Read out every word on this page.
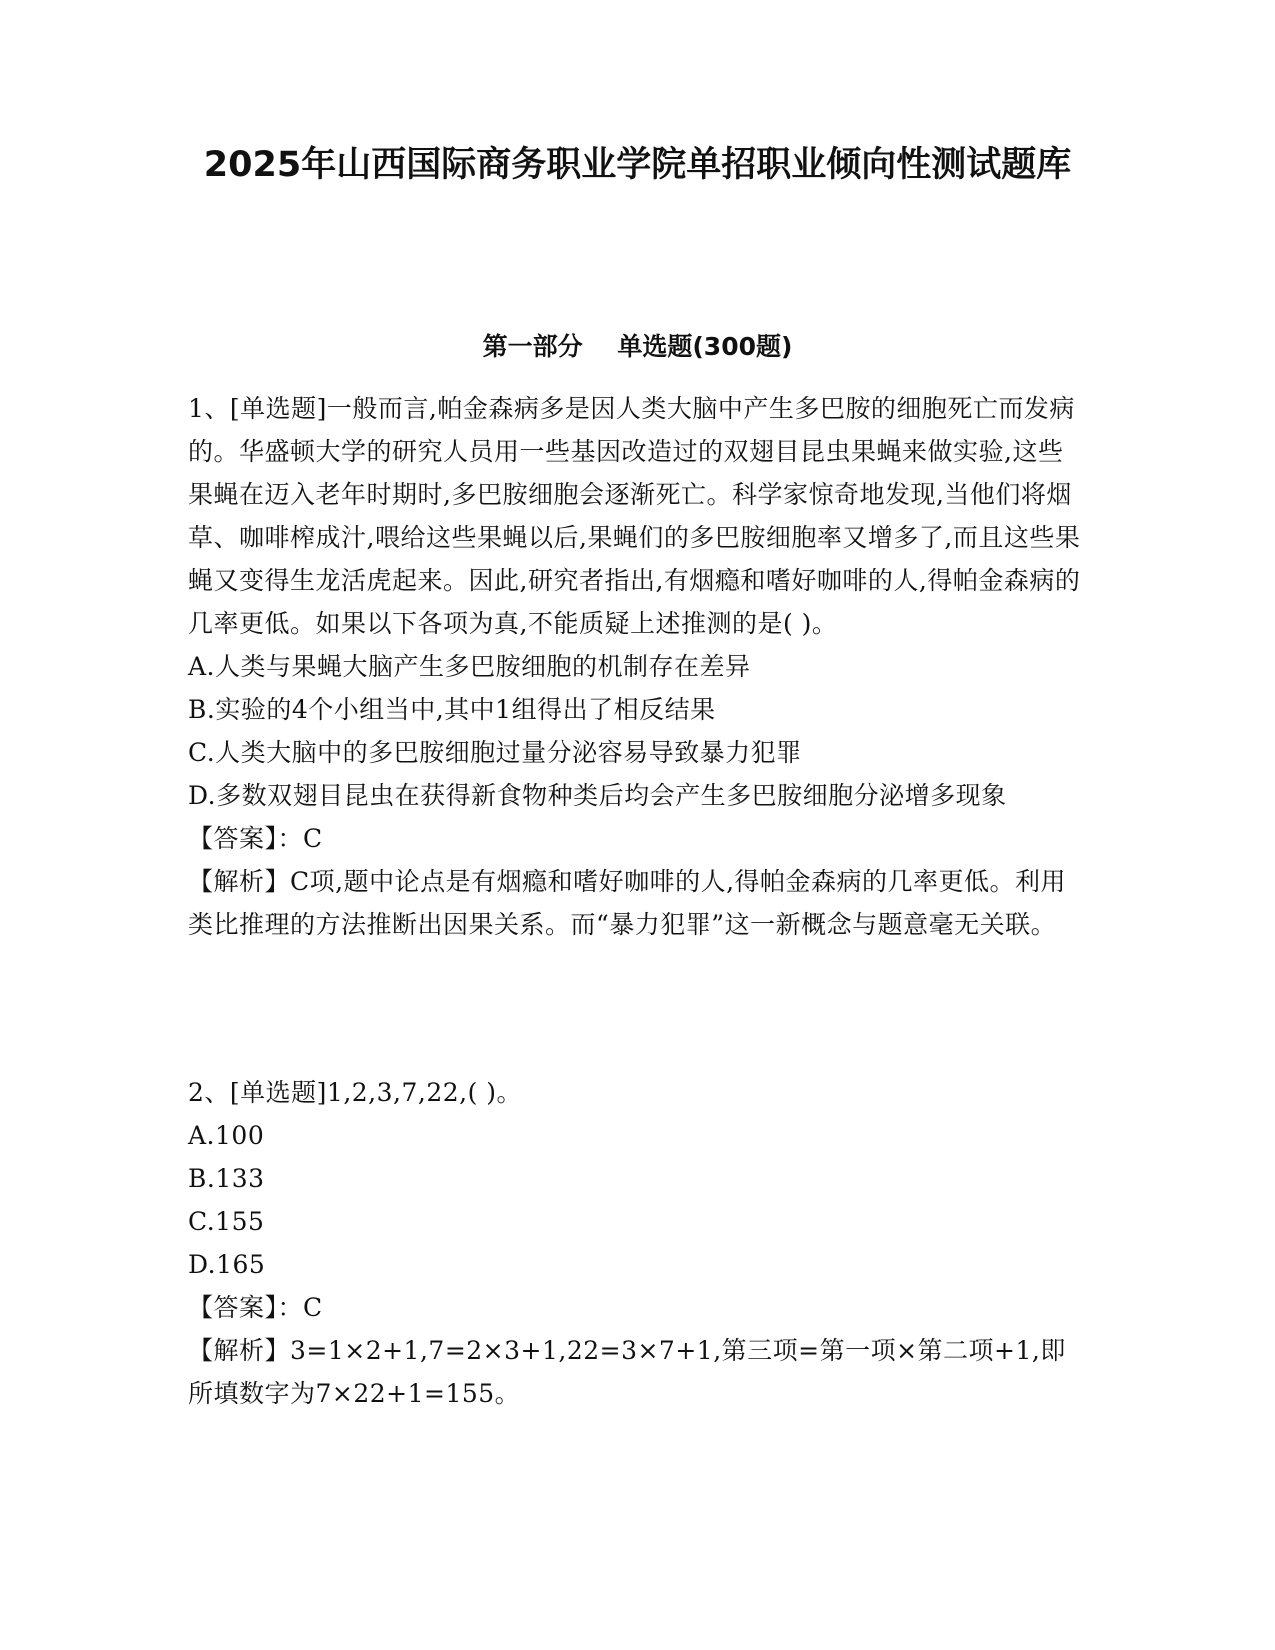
2025年山西国际商务职业学院单招职业倾向性测试题库
第一部分    单选题(300题)

1、[单选题]一般而言,帕金森病多是因人类大脑中产生多巴胺的细胞死亡而发病的。华盛顿大学的研究人员用一些基因改造过的双翅目昆虫果蝇来做实验,这些果蝇在迈入老年时期时,多巴胺细胞会逐渐死亡。科学家惊奇地发现,当他们将烟草、咖啡榨成汁,喂给这些果蝇以后,果蝇们的多巴胺细胞率又增多了,而且这些果蝇又变得生龙活虎起来。因此,研究者指出,有烟瘾和嗜好咖啡的人,得帕金森病的几率更低。如果以下各项为真,不能质疑上述推测的是( )。

A.人类与果蝇大脑产生多巴胺细胞的机制存在差异

B.实验的4个小组当中,其中1组得出了相反结果

C.人类大脑中的多巴胺细胞过量分泌容易导致暴力犯罪

D.多数双翅目昆虫在获得新食物种类后均会产生多巴胺细胞分泌增多现象

【答案】：C

【解析】C项,题中论点是有烟瘾和嗜好咖啡的人,得帕金森病的几率更低。利用类比推理的方法推断出因果关系。而“暴力犯罪”这一新概念与题意毫无关联。

2、[单选题]1,2,3,7,22,( )。

A.100

B.133

C.155

D.165

【答案】：C

【解析】3=1×2+1,7=2×3+1,22=3×7+1,第三项=第一项×第二项+1,即所填数字为7×22+1=155。
